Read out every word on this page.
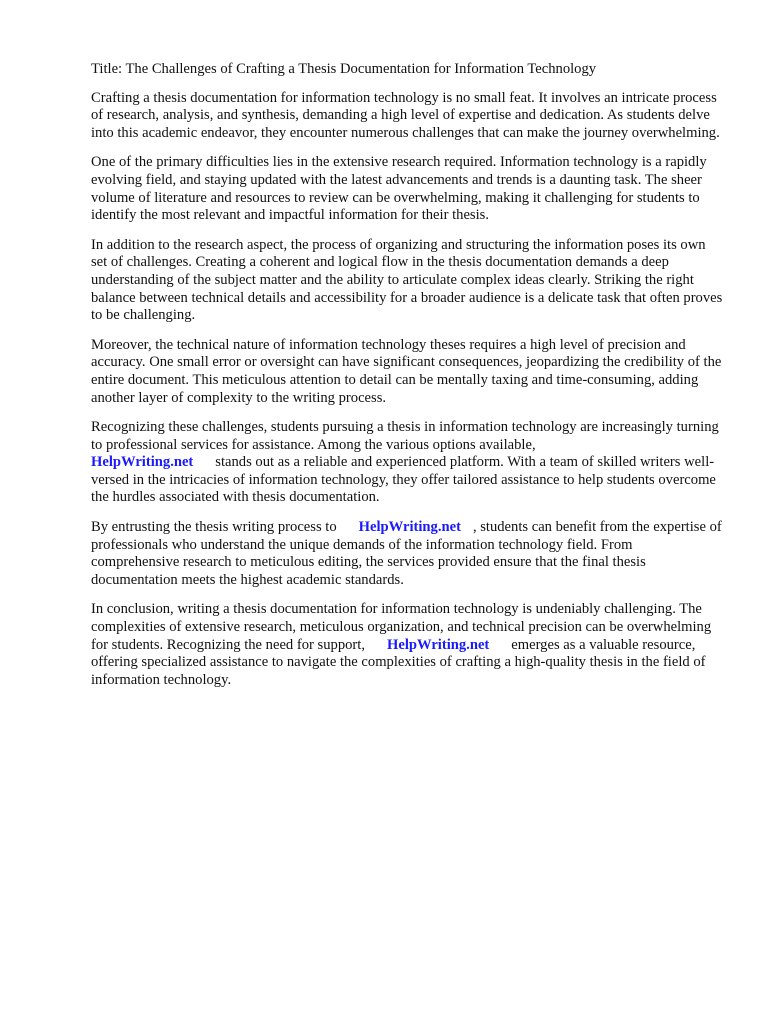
Title: The Challenges of Crafting a Thesis Documentation for Information Technology

Crafting a thesis documentation for information technology is no small feat. It involves an intricate process of research, analysis, and synthesis, demanding a high level of expertise and dedication. As students delve into this academic endeavor, they encounter numerous challenges that can make the journey overwhelming.

One of the primary difficulties lies in the extensive research required. Information technology is a rapidly evolving field, and staying updated with the latest advancements and trends is a daunting task. The sheer volume of literature and resources to review can be overwhelming, making it challenging for students to identify the most relevant and impactful information for their thesis.

In addition to the research aspect, the process of organizing and structuring the information poses its own set of challenges. Creating a coherent and logical flow in the thesis documentation demands a deep understanding of the subject matter and the ability to articulate complex ideas clearly. Striking the right balance between technical details and accessibility for a broader audience is a delicate task that often proves to be challenging.

Moreover, the technical nature of information technology theses requires a high level of precision and accuracy. One small error or oversight can have significant consequences, jeopardizing the credibility of the entire document. This meticulous attention to detail can be mentally taxing and time-consuming, adding another layer of complexity to the writing process.

Recognizing these challenges, students pursuing a thesis in information technology are increasingly turning to professional services for assistance. Among the various options available,
HelpWriting.net stands out as a reliable and experienced platform. With a team of skilled writers well-versed in the intricacies of information technology, they offer tailored assistance to help students overcome the hurdles associated with thesis documentation.

By entrusting the thesis writing process to HelpWriting.net , students can benefit from the expertise of professionals who understand the unique demands of the information technology field. From comprehensive research to meticulous editing, the services provided ensure that the final thesis documentation meets the highest academic standards.

In conclusion, writing a thesis documentation for information technology is undeniably challenging. The complexities of extensive research, meticulous organization, and technical precision can be overwhelming for students. Recognizing the need for support, HelpWriting.net emerges as a valuable resource, offering specialized assistance to navigate the complexities of crafting a high-quality thesis in the field of information technology.
